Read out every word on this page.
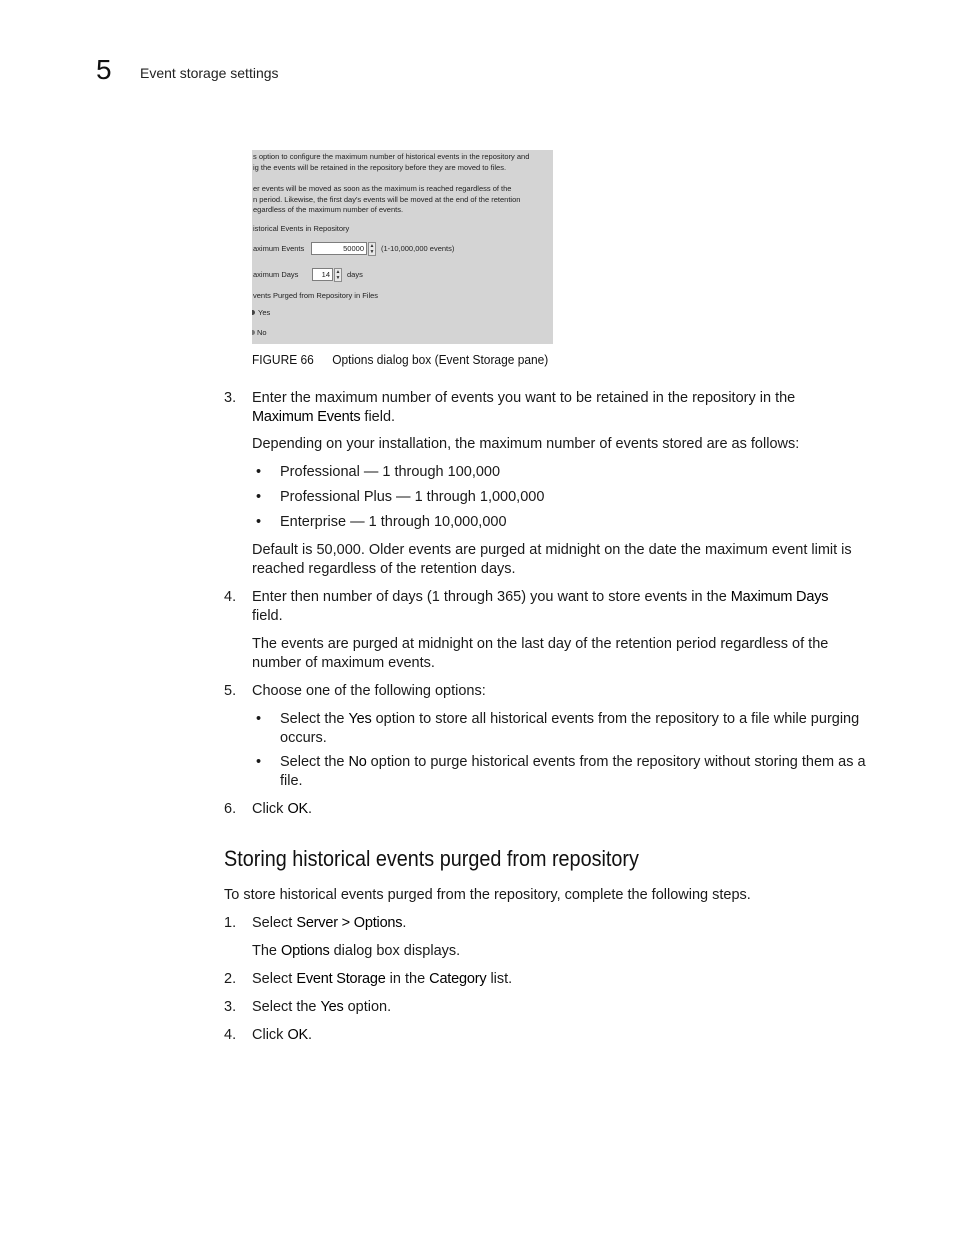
5 Event storage settings
s option to configure the maximum number of historical events in the repository and
ig the events will be retained in the repository before they are moved to files.
er events will be moved as soon as the maximum is reached regardless of the
n period. Likewise, the first day's events will be moved at the end of the retention
egardless of the maximum number of events.
istorical Events in Repository
aximum Events	50000	▲
▼ (1-10,000,000 events)
aximum Days	14	▲
▼ days
vents Purged from Repository in Files
Yes
No
FIGURE 66 Options dialog box (Event Storage pane)
3. Enter the maximum number of events you want to be retained in the repository in the
Maximum Events field.
Depending on your installation, the maximum number of events stored are as follows:
• Professional — 1 through 100,000
• Professional Plus — 1 through 1,000,000
• Enterprise — 1 through 10,000,000
Default is 50,000. Older events are purged at midnight on the date the maximum event limit is reached regardless of the retention days.
4. Enter then number of days (1 through 365) you want to store events in the Maximum Days
field.
The events are purged at midnight on the last day of the retention period regardless of the number of maximum events.
5. Choose one of the following options:
• Select the Yes option to store all historical events from the repository to a file while purging occurs.
• Select the No option to purge historical events from the repository without storing them as a file.
6. Click OK.
Storing historical events purged from repository
To store historical events purged from the repository, complete the following steps.
1. Select Server > Options.
The Options dialog box displays.
2. Select Event Storage in the Category list.
3. Select the Yes option.
4. Click OK.
